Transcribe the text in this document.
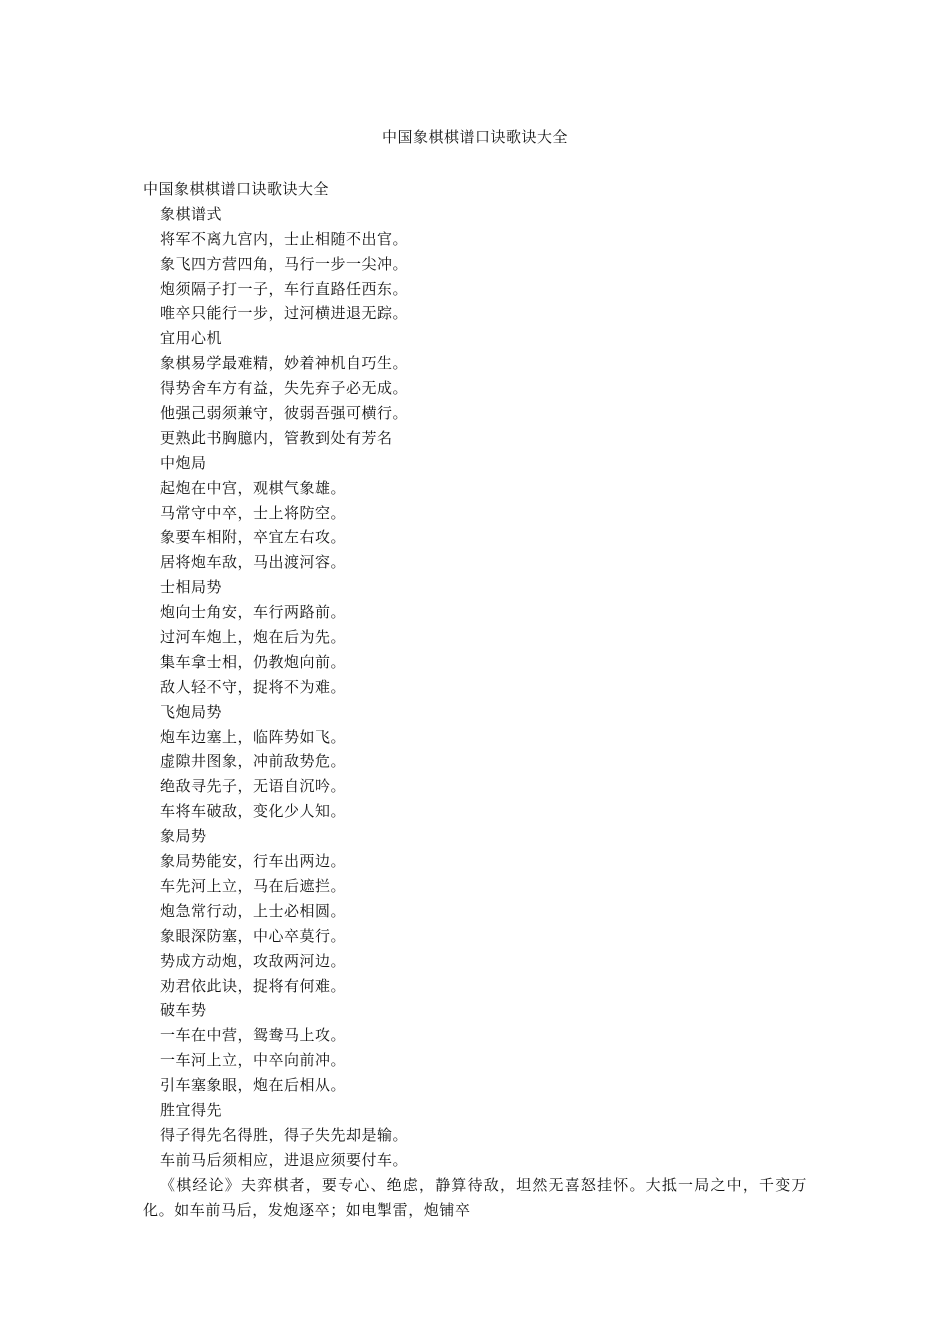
中国象棋棋谱口诀歌诀大全
中国象棋棋谱口诀歌诀大全
象棋谱式
将军不离九宫内，士止相随不出官。
象飞四方营四角，马行一步一尖冲。
炮须隔子打一子，车行直路任西东。
唯卒只能行一步，过河横进退无踪。
宜用心机
象棋易学最难精，妙着神机自巧生。
得势舍车方有益，失先弃子必无成。
他强己弱须兼守，彼弱吾强可横行。
更熟此书胸臆内，管教到处有芳名
中炮局
起炮在中宫，观棋气象雄。
马常守中卒，士上将防空。
象要车相附，卒宜左右攻。
居将炮车敌，马出渡河容。
士相局势
炮向士角安，车行两路前。
过河车炮上，炮在后为先。
集车拿士相，仍教炮向前。
敌人轻不守，捉将不为难。
飞炮局势
炮车边塞上，临阵势如飞。
虚隙井图象，冲前敌势危。
绝敌寻先子，无语自沉吟。
车将车破敌，变化少人知。
象局势
象局势能安，行车出两边。
车先河上立，马在后遮拦。
炮急常行动，上士必相圆。
象眼深防塞，中心卒莫行。
势成方动炮，攻敌两河边。
劝君依此诀，捉将有何难。
破车势
一车在中营，鸳鸯马上攻。
一车河上立，中卒向前冲。
引车塞象眼，炮在后相从。
胜宜得先
得子得先名得胜，得子失先却是输。
车前马后须相应，进退应须要付车。

《棋经论》夫弈棋者，要专心、绝虑，静算待敌，坦然无喜怒挂怀。大抵一局之中，千变万化。如车前马后，发炮逐卒；如电掣雷，炮铺卒
